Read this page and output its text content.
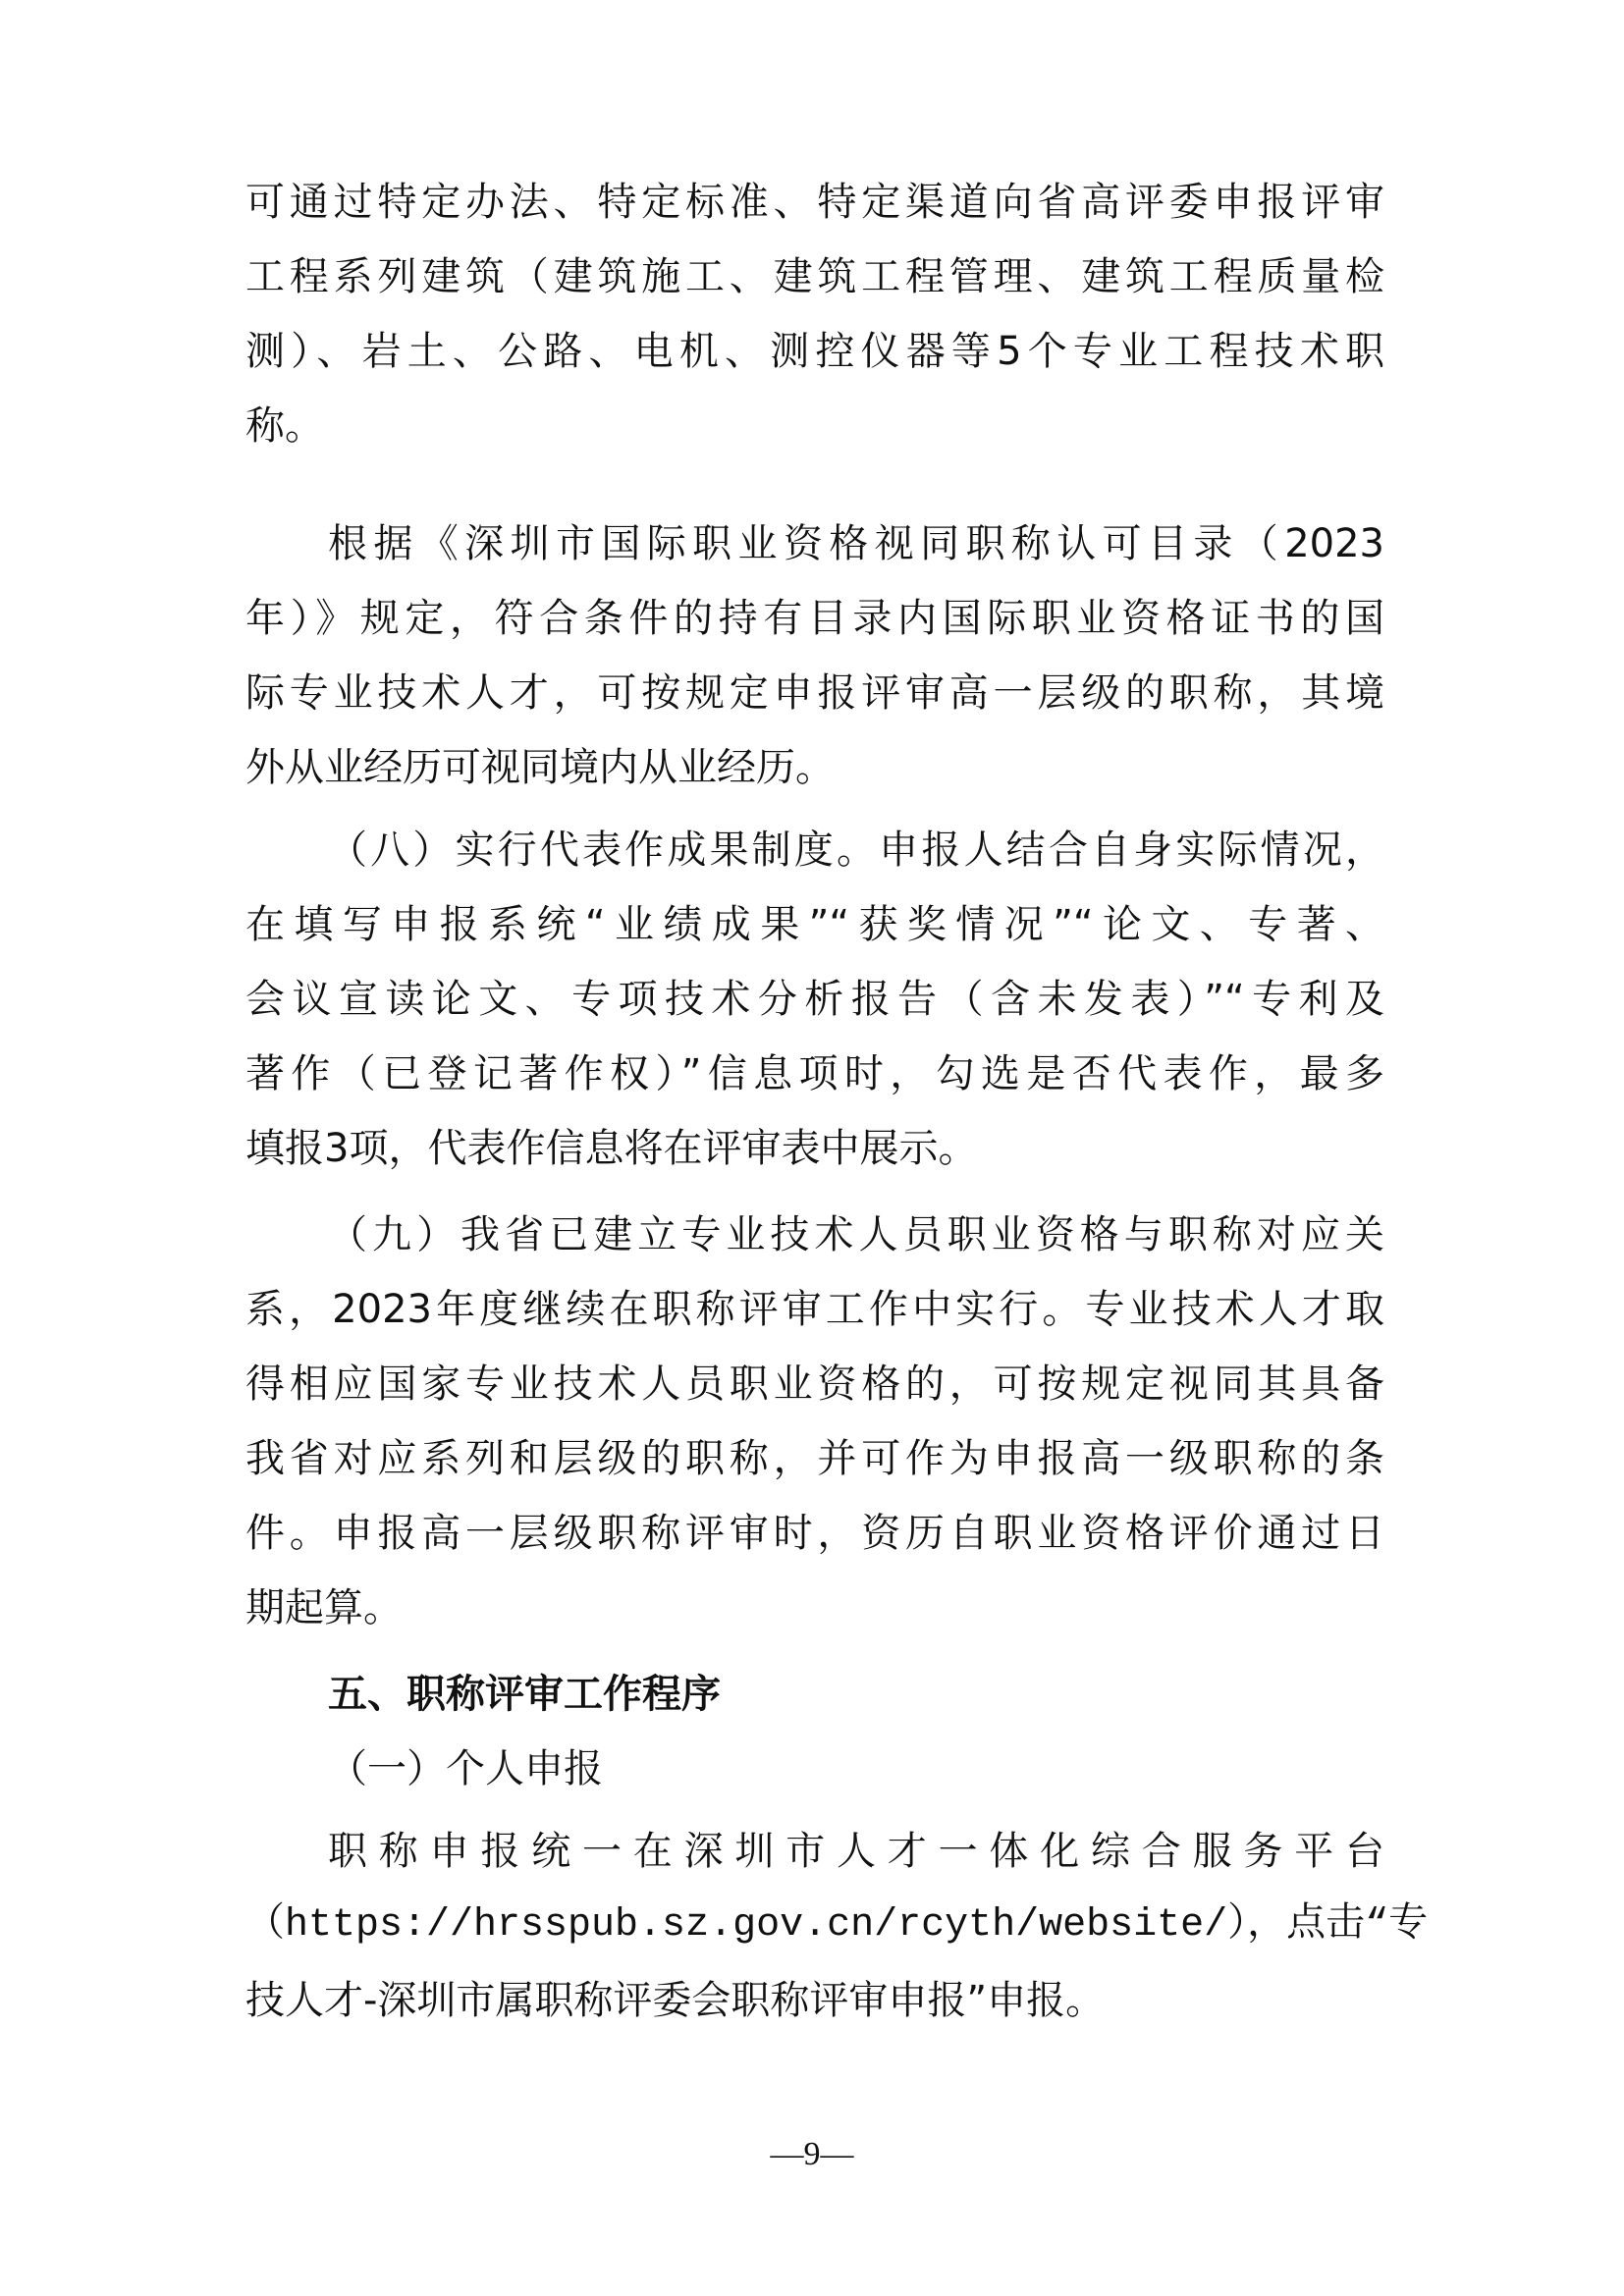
可通过特定办法、特定标准、特定渠道向省高评委申报评审
工程系列建筑（建筑施工、建筑工程管理、建筑工程质量检
测）、岩土、公路、电机、测控仪器等5个专业工程技术职
称。
根据《深圳市国际职业资格视同职称认可目录（2023
年）》规定，符合条件的持有目录内国际职业资格证书的国
际专业技术人才，可按规定申报评审高一层级的职称，其境
外从业经历可视同境内从业经历。
（八）实行代表作成果制度。申报人结合自身实际情况，
在填写申报系统“业绩成果”“获奖情况”“论文、专著、
会议宣读论文、专项技术分析报告（含未发表）”“专利及
著作（已登记著作权）”信息项时，勾选是否代表作，最多
填报3项，代表作信息将在评审表中展示。
（九）我省已建立专业技术人员职业资格与职称对应关
系，2023年度继续在职称评审工作中实行。专业技术人才取
得相应国家专业技术人员职业资格的，可按规定视同其具备
我省对应系列和层级的职称，并可作为申报高一级职称的条
件。申报高一层级职称评审时，资历自职业资格评价通过日
期起算。
五、职称评审工作程序
（一）个人申报
职称申报统一在深圳市人才一体化综合服务平台
（https://hrsspub.sz.gov.cn/rcyth/website/），点击“专
技人才-深圳市属职称评委会职称评审申报”申报。
—9—
